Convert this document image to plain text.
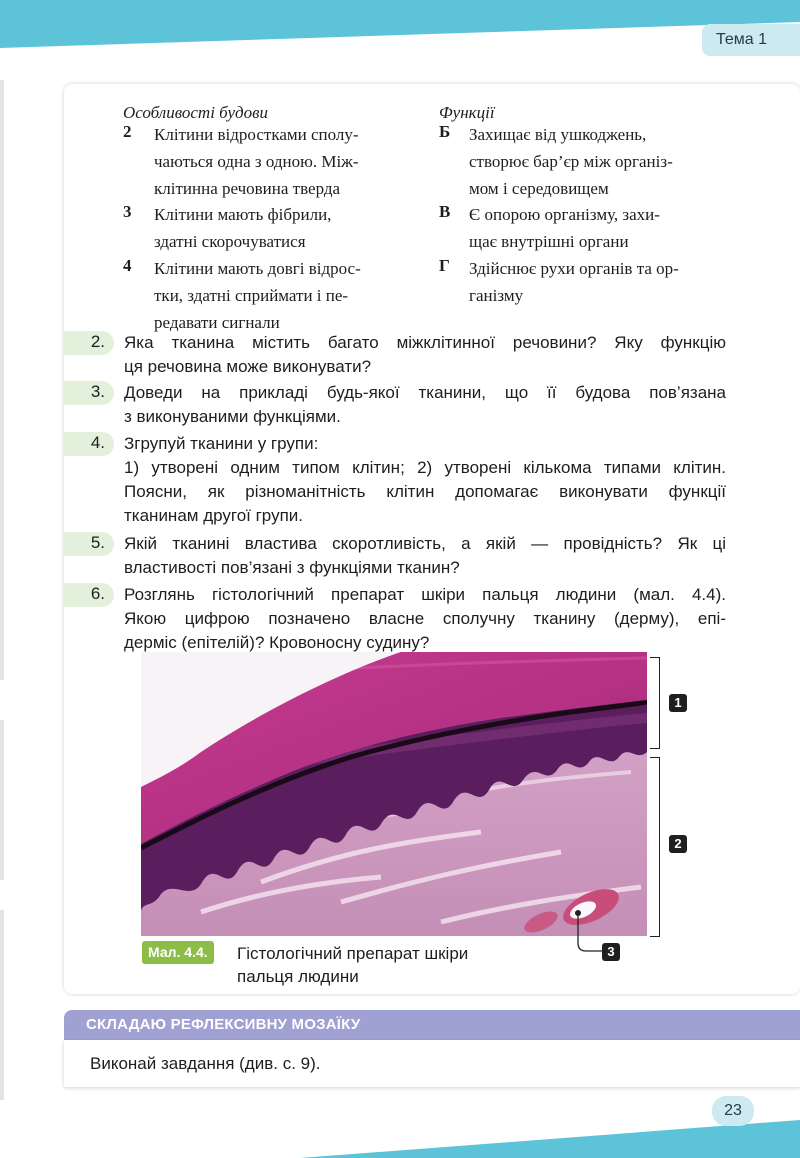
Тема 1
Особливості будови	Функції
2 Клітини відростками сполу-
чаються одна з одною. Між-
клітинна речовина тверда
3 Клітини мають фібрили,
здатні скорочуватися
4 Клітини мають довгі відрос-
тки, здатні сприймати і пе-
редавати сигнали
Б Захищає від ушкоджень,
створює бар’єр між організ-
мом і середовищем
В Є опорою організму, захи-
щає внутрішні органи
Г Здійснює рухи органів та ор-
ганізму
2. Яка тканина містить багато міжклітинної речовини? Яку функцію
ця речовина може виконувати?
3. Доведи на прикладі будь-якої тканини, що її будова пов’язана
з виконуваними функціями.
4. Згрупуй тканини у групи:
1) утворені одним типом клітин; 2) утворені кількома типами клітин.
Поясни, як різноманітність клітин допомагає виконувати функції
тканинам другої групи.
5. Якій тканині властива скоротливість, а якій — провідність? Як ці
властивості пов’язані з функціями тканин?
6. Розглянь гістологічний препарат шкіри пальця людини (мал. 4.4).
Якою цифрою позначено власне сполучну тканину (дерму), епі-
дерміс (епітелій)? Кровоносну судину?
1
2
3
Мал. 4.4.	Гістологічний препарат шкіри
пальця людини
СКЛАДАЮ РЕФЛЕКСИВНУ МОЗАЇКУ
Виконай завдання (див. с. 9).
23
